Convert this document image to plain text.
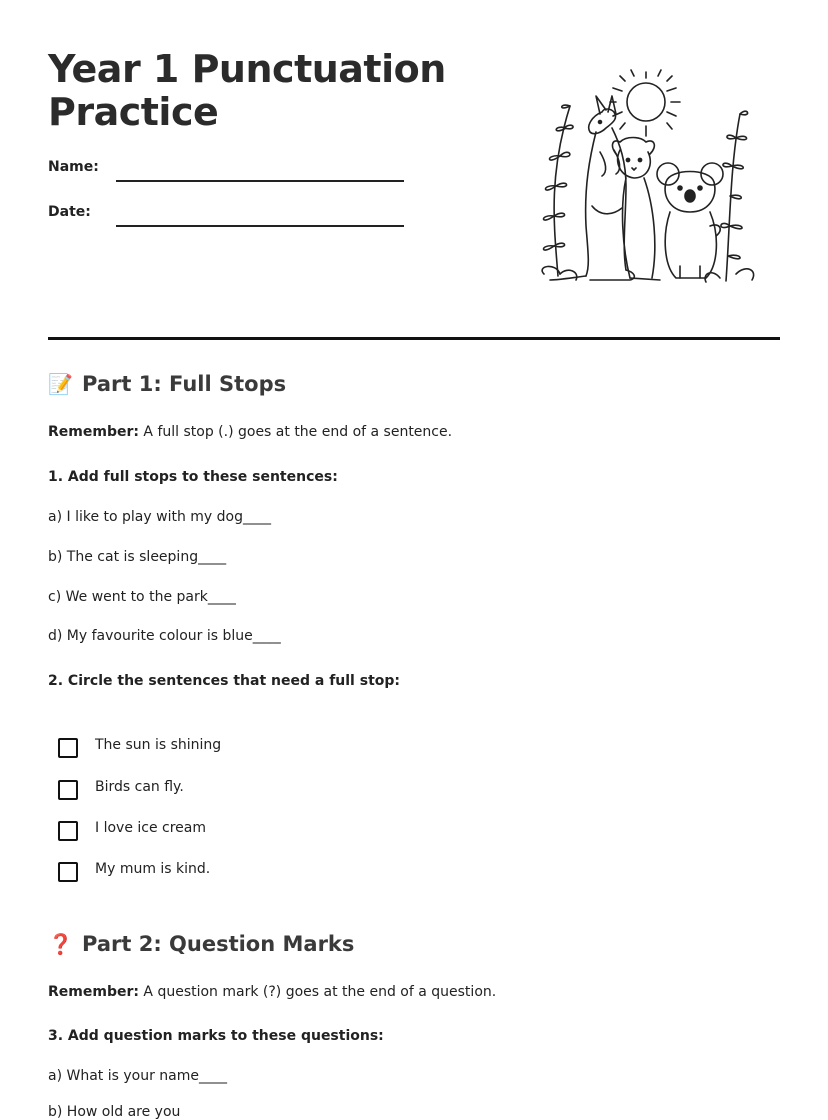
Year 1 Punctuation Practice
Name:
Date:
📝 Part 1: Full Stops
Remember: A full stop (.) goes at the end of a sentence.
1. Add full stops to these sentences:
a) I like to play with my dog____
b) The cat is sleeping____
c) We went to the park____
d) My favourite colour is blue____
2. Circle the sentences that need a full stop:
The sun is shining
Birds can fly.
I love ice cream
My mum is kind.
❓ Part 2: Question Marks
Remember: A question mark (?) goes at the end of a question.
3. Add question marks to these questions:
a) What is your name____
b) How old are you
